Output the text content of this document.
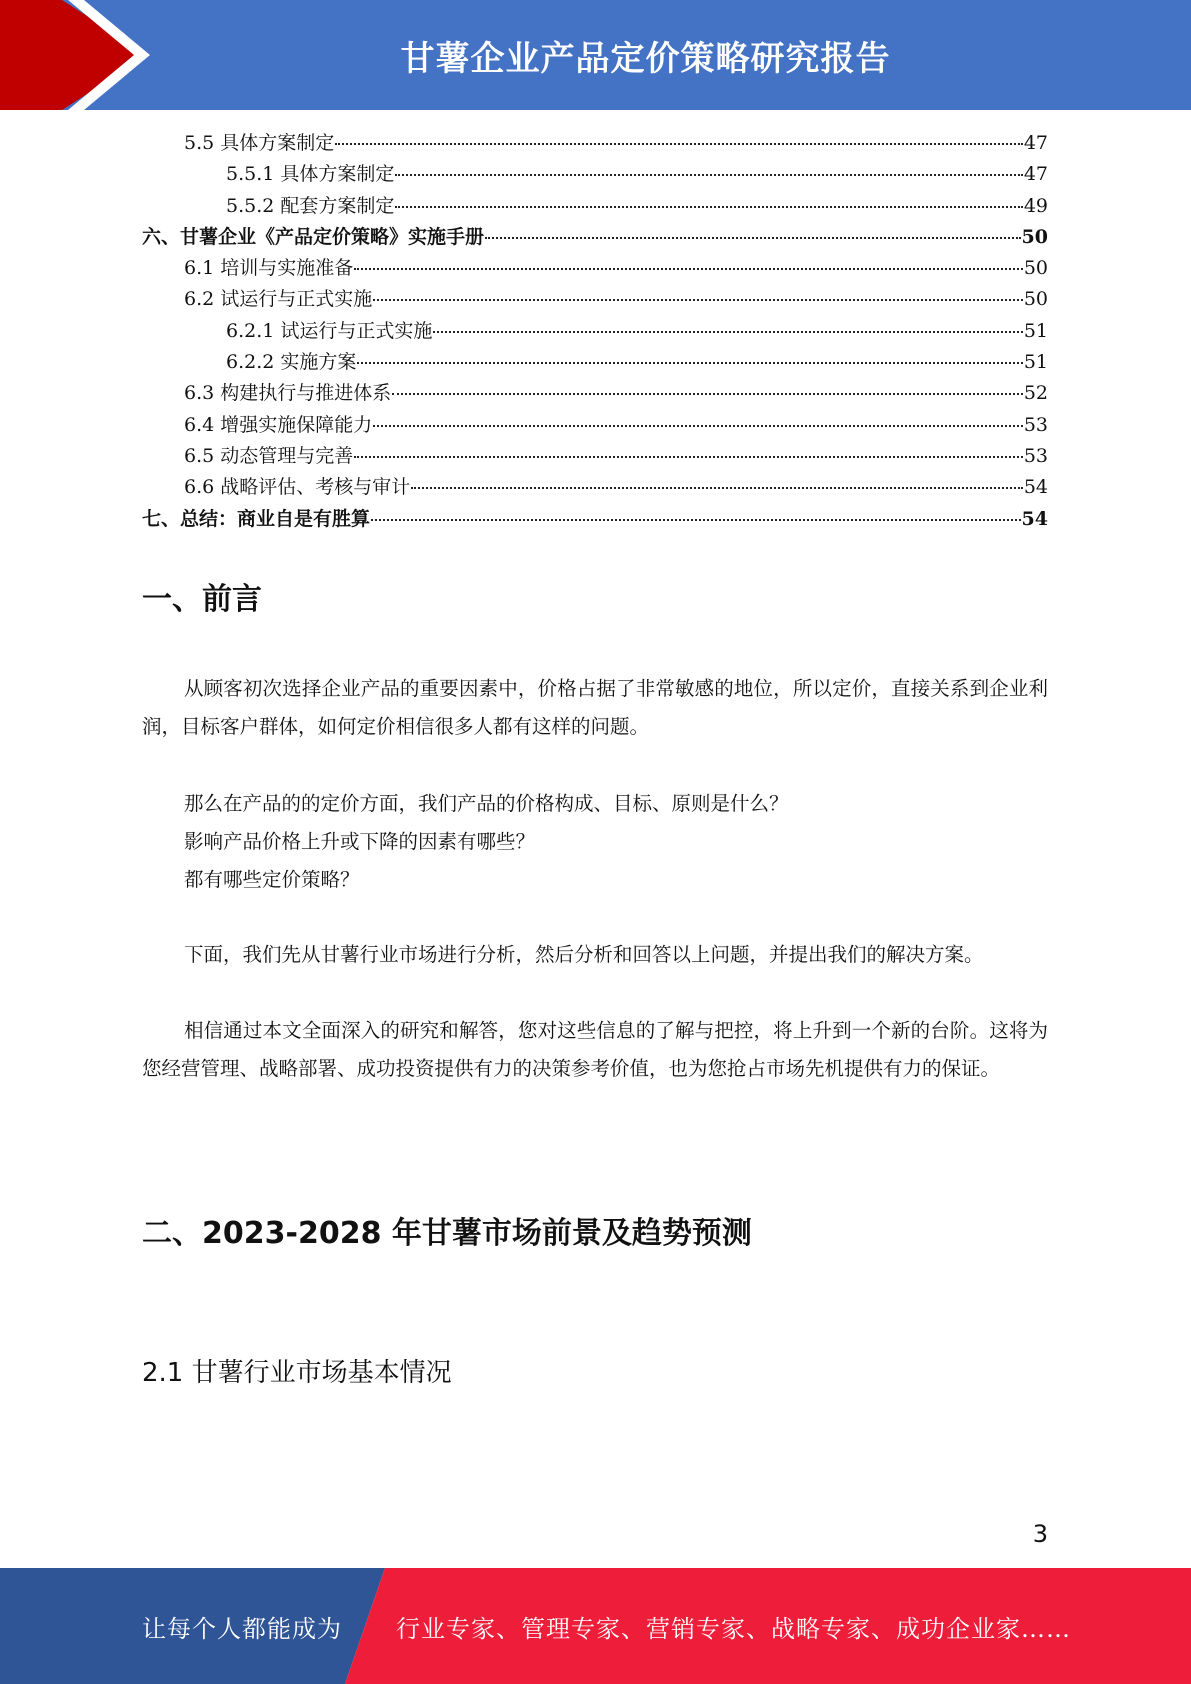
甘薯企业产品定价策略研究报告
5.5 具体方案制定	47
5.5.1 具体方案制定	47
5.5.2 配套方案制定	49
六、甘薯企业《产品定价策略》实施手册	50
6.1 培训与实施准备	50
6.2 试运行与正式实施	50
6.2.1 试运行与正式实施	51
6.2.2 实施方案	51
6.3 构建执行与推进体系	52
6.4 增强实施保障能力	53
6.5 动态管理与完善	53
6.6 战略评估、考核与审计	54
七、总结：商业自是有胜算	54
一、前言
从顾客初次选择企业产品的重要因素中，价格占据了非常敏感的地位，所以定价，直接关系到企业利润，目标客户群体，如何定价相信很多人都有这样的问题。
那么在产品的的定价方面，我们产品的价格构成、目标、原则是什么？
影响产品价格上升或下降的因素有哪些？
都有哪些定价策略？
下面，我们先从甘薯行业市场进行分析，然后分析和回答以上问题，并提出我们的解决方案。
相信通过本文全面深入的研究和解答，您对这些信息的了解与把控，将上升到一个新的台阶。这将为您经营管理、战略部署、成功投资提供有力的决策参考价值，也为您抢占市场先机提供有力的保证。
二、2023-2028 年甘薯市场前景及趋势预测
2.1 甘薯行业市场基本情况
3
让每个人都能成为 行业专家、管理专家、营销专家、战略专家、成功企业家……
